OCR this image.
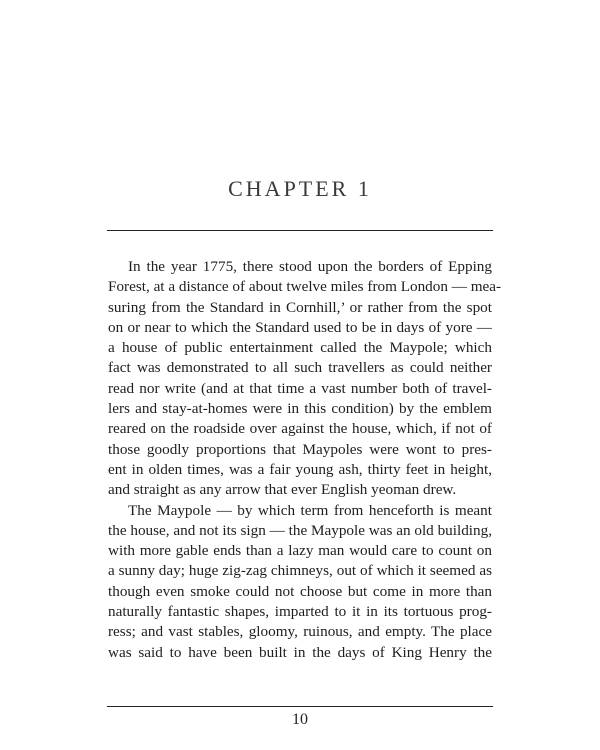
CHAPTER 1
In the year 1775, there stood upon the borders of Epping
Forest, at a distance of about twelve miles from London — mea-
suring from the Standard in Cornhill,’ or rather from the spot
on or near to which the Standard used to be in days of yore —
a house of public entertainment called the Maypole; which
fact was demonstrated to all such travellers as could neither
read nor write (and at that time a vast number both of travel-
lers and stay-at-homes were in this condition) by the emblem
reared on the roadside over against the house, which, if not of
those goodly proportions that Maypoles were wont to pres-
ent in olden times, was a fair young ash, thirty feet in height,
and straight as any arrow that ever English yeoman drew.
The Maypole — by which term from henceforth is meant
the house, and not its sign — the Maypole was an old building,
with more gable ends than a lazy man would care to count on
a sunny day; huge zig-zag chimneys, out of which it seemed as
though even smoke could not choose but come in more than
naturally fantastic shapes, imparted to it in its tortuous prog-
ress; and vast stables, gloomy, ruinous, and empty. The place
was said to have been built in the days of King Henry the
10
